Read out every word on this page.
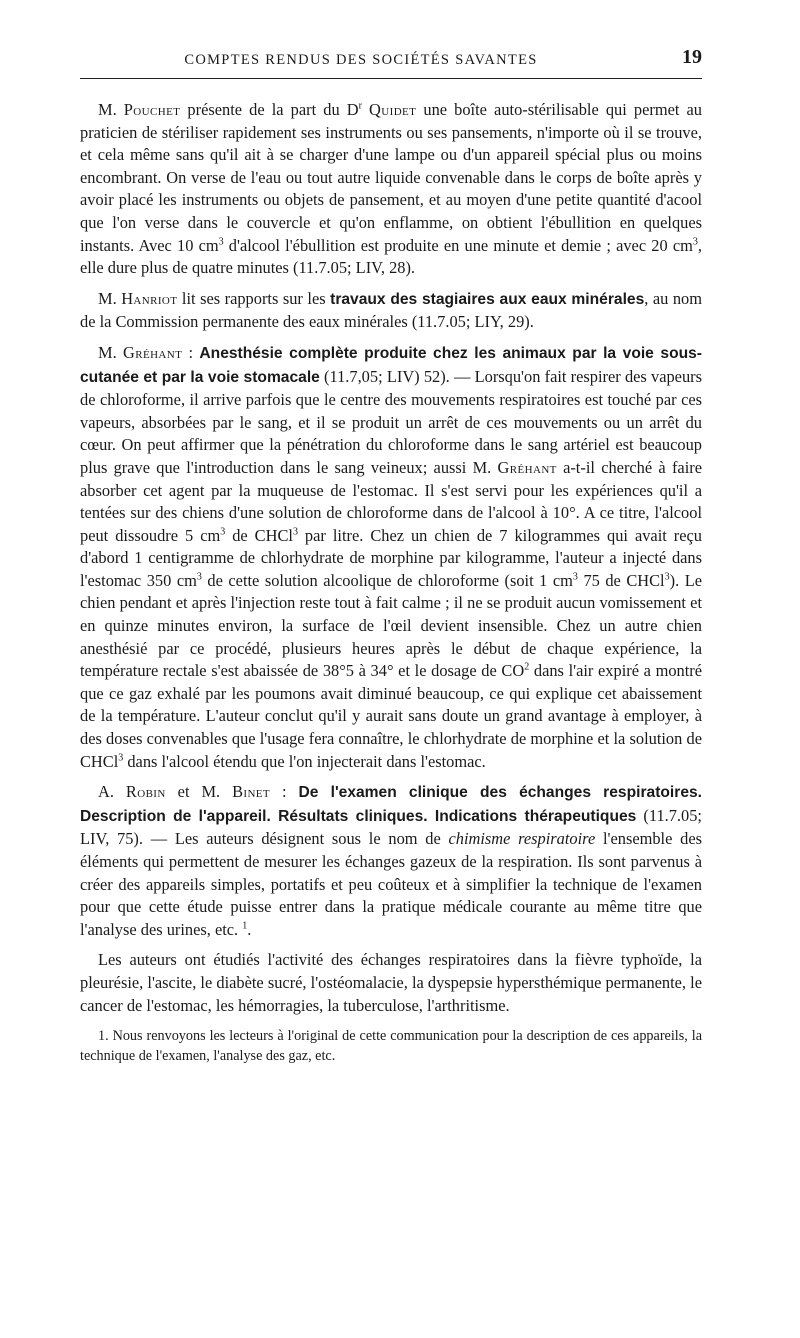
COMPTES RENDUS DES SOCIÉTÉS SAVANTES	19

M. Pouchet présente de la part du $D^r$ Quidet une boîte auto-stérilisable qui permet au praticien de stériliser rapidement ses instruments ou ses pansements, n'importe où il se trouve, et cela même sans qu'il ait à se charger d'une lampe ou d'un appareil spécial plus ou moins encombrant. On verse de l'eau ou tout autre liquide convenable dans le corps de boîte après y avoir placé les instruments ou objets de pansement, et au moyen d'une petite quantité d'acool que l'on verse dans le couvercle et qu'on enflamme, on obtient l'ébullition en quelques instants. Avec 10 $cm^3$ d'alcool l'ébullition est produite en une minute et demie ; avec 20 $cm^3$, elle dure plus de quatre minutes (11.7.05; LIV, 28).

M. Hanriot lit ses rapports sur les travaux des stagiaires aux eaux minérales, au nom de la Commission permanente des eaux minérales (11.7.05; LIY, 29).

M. Gréhant : Anesthésie complète produite chez les animaux par la voie sous-cutanée et par la voie stomacale (11.7,05; LIV) 52). — Lorsqu'on fait respirer des vapeurs de chloroforme, il arrive parfois que le centre des mouvements respiratoires est touché par ces vapeurs, absorbées par le sang, et il se produit un arrêt de ces mouvements ou un arrêt du cœur. On peut affirmer que la pénétration du chloroforme dans le sang artériel est beaucoup plus grave que l'introduction dans le sang veineux; aussi M. Gréhant a-t-il cherché à faire absorber cet agent par la muqueuse de l'estomac. Il s'est servi pour les expériences qu'il a tentées sur des chiens d'une solution de chloroforme dans de l'alcool à 10°. A ce titre, l'alcool peut dissoudre 5 $cm^3$ de CHCl$^3$ par litre. Chez un chien de 7 kilogrammes qui avait reçu d'abord 1 centigramme de chlorhydrate de morphine par kilogramme, l'auteur a injecté dans l'estomac 350 $cm^3$ de cette solution alcoolique de chloroforme (soit 1 $cm^3$ 75 de CHCl$^3$). Le chien pendant et après l'injection reste tout à fait calme ; il ne se produit aucun vomissement et en quinze minutes environ, la surface de l'œil devient insensible. Chez un autre chien anesthésié par ce procédé, plusieurs heures après le début de chaque expérience, la température rectale s'est abaissée de 38°5 à 34° et le dosage de $CO^2$ dans l'air expiré a montré que ce gaz exhalé par les poumons avait diminué beaucoup, ce qui explique cet abaissement de la température. L'auteur conclut qu'il y aurait sans doute un grand avantage à employer, à des doses convenables que l'usage fera connaître, le chlorhydrate de morphine et la solution de CHCl$^3$ dans l'alcool étendu que l'on injecterait dans l'estomac.

A. Robin et M. Binet : De l'examen clinique des échanges respiratoires. Description de l'appareil. Résultats cliniques. Indications thérapeutiques (11.7.05; LIV, 75). — Les auteurs désignent sous le nom de chimisme respiratoire l'ensemble des éléments qui permettent de mesurer les échanges gazeux de la respiration. Ils sont parvenus à créer des appareils simples, portatifs et peu coûteux et à simplifier la technique de l'examen pour que cette étude puisse entrer dans la pratique médicale courante au même titre que l'analyse des urines, etc. $^1$.

Les auteurs ont étudiés l'activité des échanges respiratoires dans la fièvre typhoïde, la pleurésie, l'ascite, le diabète sucré, l'ostéomalacie, la dyspepsie hypersthémique permanente, le cancer de l'estomac, les hémorragies, la tuberculose, l'arthritisme.

1. Nous renvoyons les lecteurs à l'original de cette communication pour la description de ces appareils, la technique de l'examen, l'analyse des gaz, etc.
